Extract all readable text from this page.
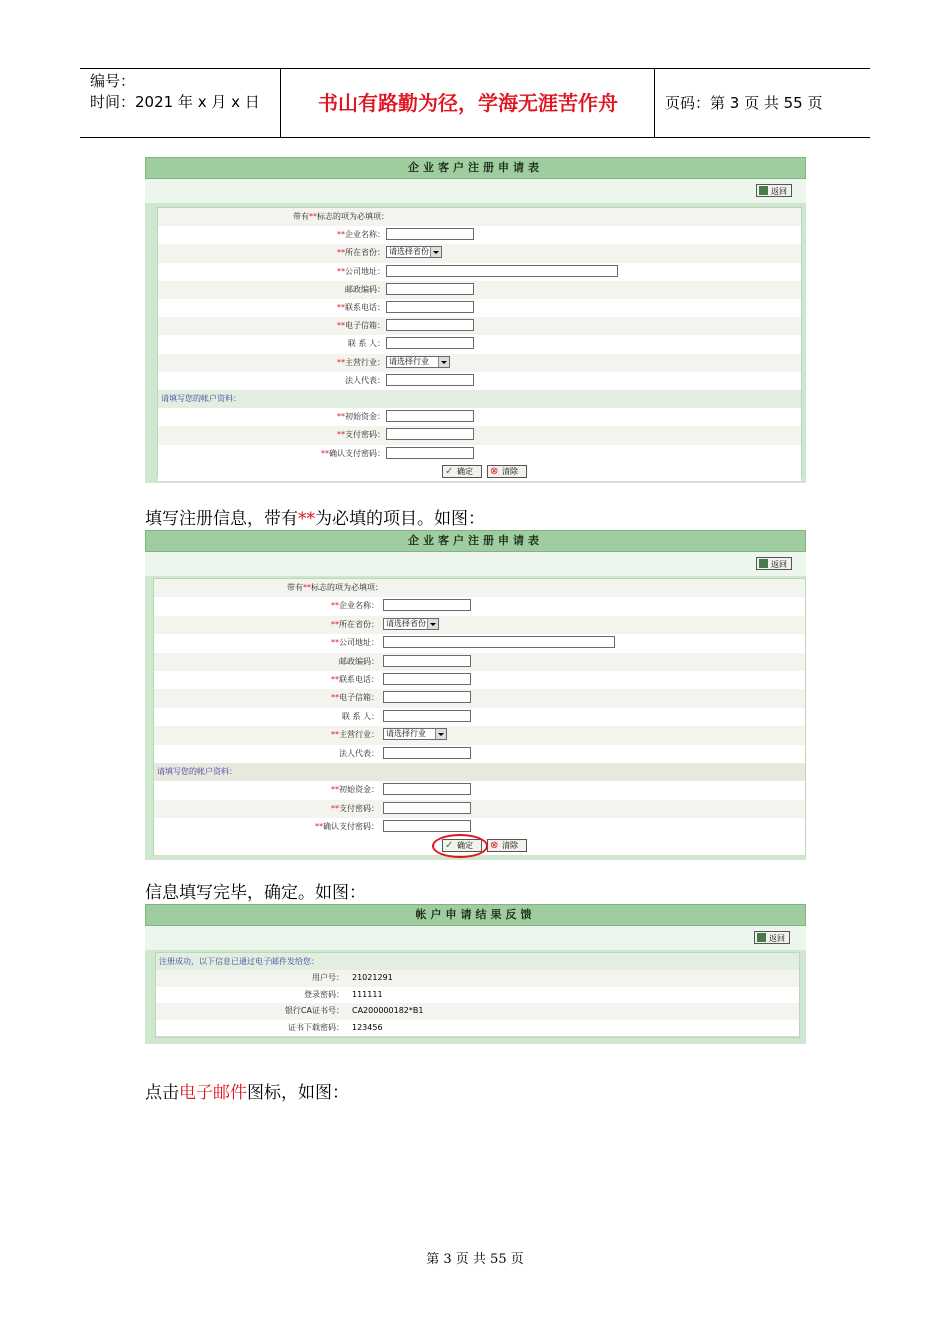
编号：
时间：2021 年 x 月 x 日	书山有路勤为径，学海无涯苦作舟	页码：第 3 页 共 55 页
企业客户注册申请表
返回
带有**标志的项为必填项：
**企业名称：
**所在省份： 请选择省份
**公司地址：
邮政编码：
**联系电话：
**电子信箱：
联 系 人：
**主营行业： 请选择行业
法人代表：
请填写您的帐户资料：
**初始资金：
**支付密码：
**确认支付密码：
✓ 确定	⊗ 清除
填写注册信息，带有**为必填的项目。如图：
企业客户注册申请表
返回
带有**标志的项为必填项：
**企业名称：
**所在省份： 请选择省份
**公司地址：
邮政编码：
**联系电话：
**电子信箱：
联 系 人：
**主营行业： 请选择行业
法人代表：
请填写您的帐户资料：
**初始资金：
**支付密码：
**确认支付密码：
✓ 确定	⊗ 清除
信息填写完毕，确定。如图：
帐户申请结果反馈
返回
注册成功，以下信息已通过电子邮件发给您：
用户号： 21021291
登录密码： 111111
银行CA证书号： CA200000182*B1
证书下载密码： 123456
点击电子邮件图标，如图：
第 3 页 共 55 页
